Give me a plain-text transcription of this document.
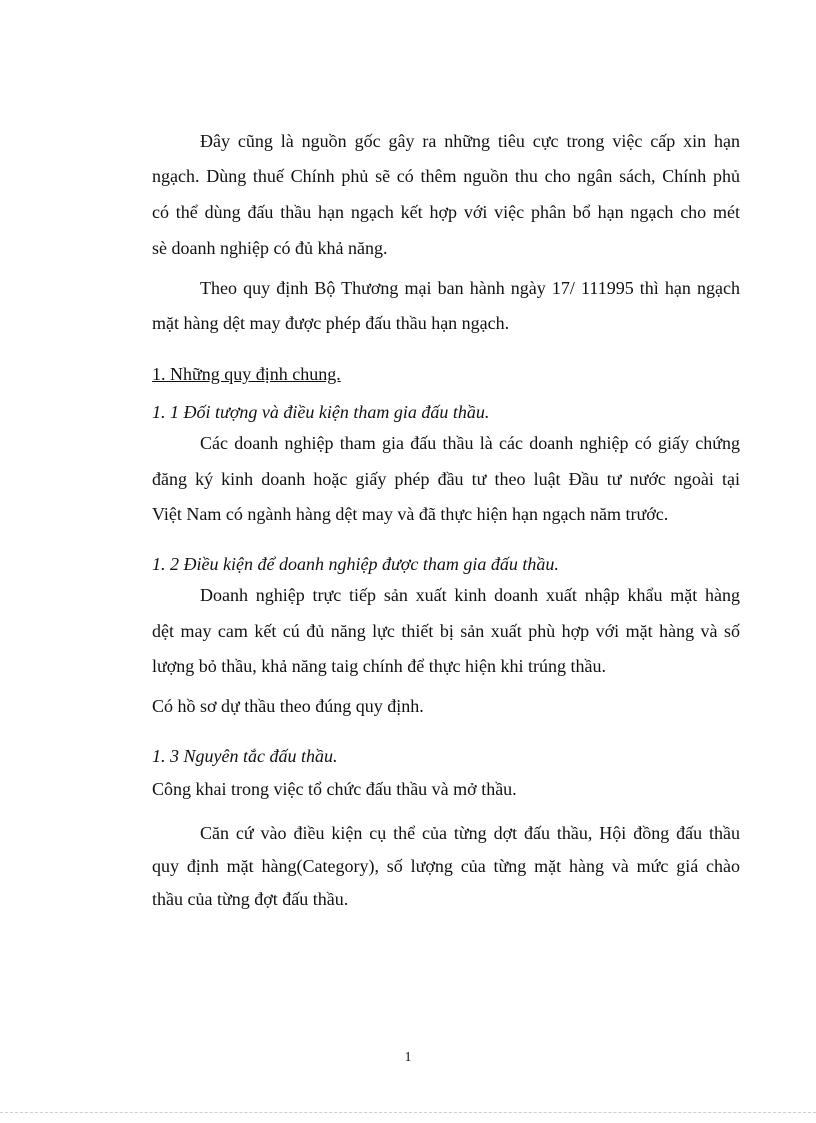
Đây cũng là nguồn gốc gây ra những tiêu cực trong việc cấp xin hạn
ngạch. Dùng thuế Chính phủ sẽ có thêm nguồn thu cho ngân sách, Chính phủ
có thể dùng đấu thầu hạn ngạch kết hợp với việc phân bổ hạn ngạch cho mét
sè doanh nghiệp có đủ khả năng.
Theo quy định Bộ Thương mại ban hành ngày 17/ 111995 thì hạn ngạch
mặt hàng dệt may được phép đấu thầu hạn ngạch.
1. Những quy định chung.
1. 1 Đối tượng và điều kiện tham gia đấu thầu.
Các doanh nghiệp tham gia đấu thầu là các doanh nghiệp có giấy chứng
đăng ký kinh doanh hoặc giấy phép đầu tư theo luật Đầu tư nước ngoài tại
Việt Nam có ngành hàng dệt may và đã thực hiện hạn ngạch năm trước.
1. 2 Điều kiện để doanh nghiệp được tham gia đấu thầu.
Doanh nghiệp trực tiếp sản xuất kinh doanh xuất nhập khẩu mặt hàng
dệt may cam kết cú đủ năng lực thiết bị sản xuất phù hợp với mặt hàng và số
lượng bỏ thầu, khả năng taig chính để thực hiện khi trúng thầu.
Có hồ sơ dự thầu theo đúng quy định.
1. 3 Nguyên tắc đấu thầu.
Công khai trong việc tổ chức đấu thầu và mở thầu.
Căn cứ vào điều kiện cụ thể của từng dợt đấu thầu, Hội đồng đấu thầu
quy định mặt hàng(Category), số lượng của từng mặt hàng và mức giá chào
thầu của từng đợt đấu thầu.
1
